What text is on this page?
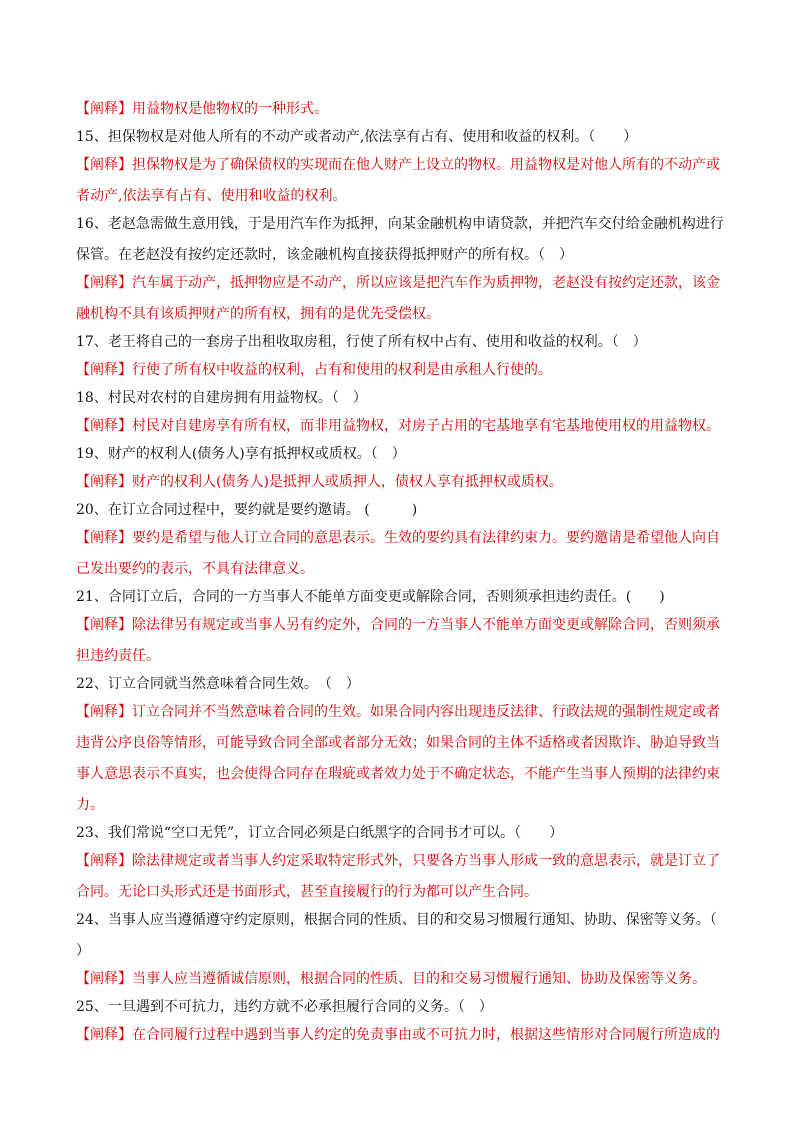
【阐释】用益物权是他物权的一种形式。
15、担保物权是对他人所有的不动产或者动产,依法享有占有、使用和收益的权利。（　　）
【阐释】担保物权是为了确保债权的实现而在他人财产上设立的物权。用益物权是对他人所有的不动产或
者动产,依法享有占有、使用和收益的权利。
16、老赵急需做生意用钱，于是用汽车作为抵押，向某金融机构申请贷款，并把汽车交付给金融机构进行
保管。在老赵没有按约定还款时，该金融机构直接获得抵押财产的所有权。（　）
【阐释】汽车属于动产，抵押物应是不动产，所以应该是把汽车作为质押物，老赵没有按约定还款，该金
融机构不具有该质押财产的所有权，拥有的是优先受偿权。
17、老王将自己的一套房子出租收取房租，行使了所有权中占有、使用和收益的权利。（　）
【阐释】行使了所有权中收益的权利，占有和使用的权利是由承租人行使的。
18、村民对农村的自建房拥有用益物权。（　）
【阐释】村民对自建房享有所有权，而非用益物权，对房子占用的宅基地享有宅基地使用权的用益物权。
19、财产的权利人(债务人)享有抵押权或质权。（　）
【阐释】财产的权利人(债务人)是抵押人或质押人，债权人享有抵押权或质权。
20、在订立合同过程中，要约就是要约邀请。 (　　　)
【阐释】要约是希望与他人订立合同的意思表示。生效的要约具有法律约束力。要约邀请是希望他人向自
己发出要约的表示，不具有法律意义。
21、合同订立后，合同的一方当事人不能单方面变更或解除合同，否则须承担违约责任。(　　)
【阐释】除法律另有规定或当事人另有约定外，合同的一方当事人不能单方面变更或解除合同，否则须承
担违约责任。
22、订立合同就当然意味着合同生效。　（　）
【阐释】订立合同并不当然意味着合同的生效。如果合同内容出现违反法律、行政法规的强制性规定或者
违背公序良俗等情形，可能导致合同全部或者部分无效；如果合同的主体不适格或者因欺诈、胁迫导致当
事人意思表示不真实，也会使得合同存在瑕疵或者效力处于不确定状态，不能产生当事人预期的法律约束
力。
23、我们常说“空口无凭”，订立合同必须是白纸黑字的合同书才可以。（　　）
【阐释】除法律规定或者当事人约定采取特定形式外，只要各方当事人形成一致的意思表示，就是订立了
合同。无论口头形式还是书面形式，甚至直接履行的行为都可以产生合同。
24、当事人应当遵循遵守约定原则，根据合同的性质、目的和交易习惯履行通知、协助、保密等义务。（
）
【阐释】当事人应当遵循诚信原则，根据合同的性质、目的和交易习惯履行通知、协助及保密等义务。
25、一旦遇到不可抗力，违约方就不必承担履行合同的义务。（　）
【阐释】在合同履行过程中遇到当事人约定的免责事由或不可抗力时，根据这些情形对合同履行所造成的
